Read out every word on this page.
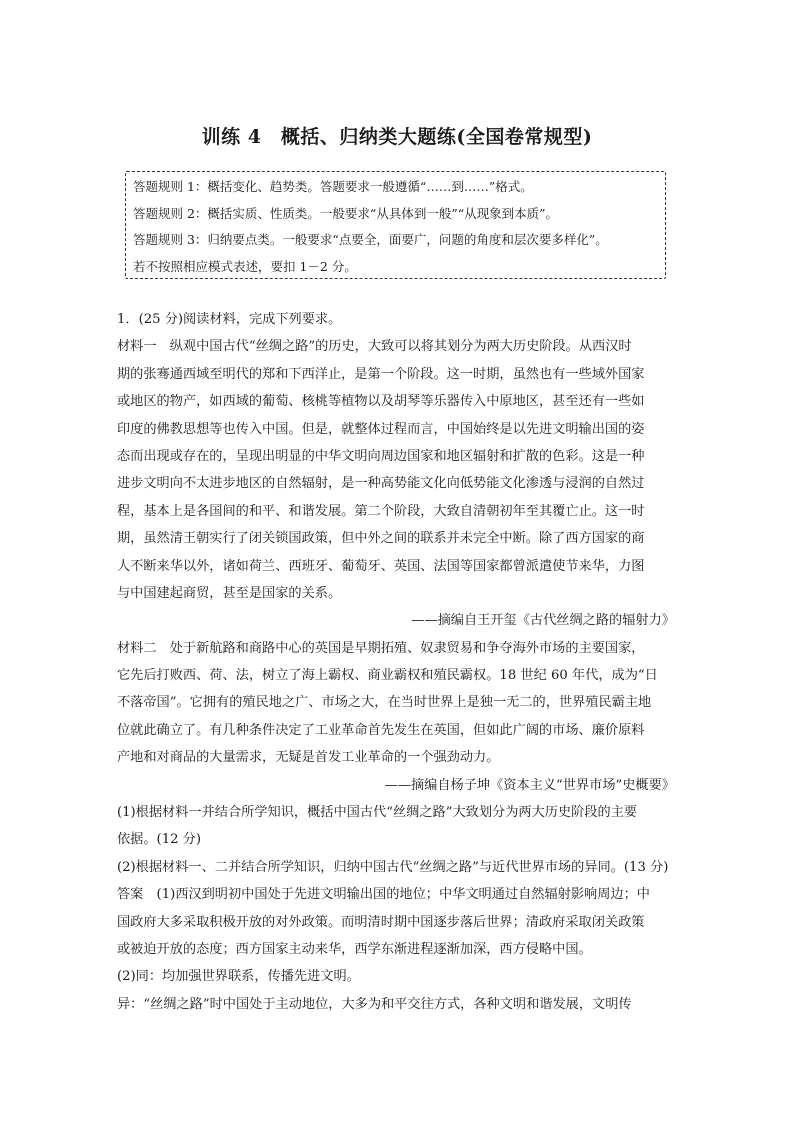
训练 4　概括、归纳类大题练(全国卷常规型)
答题规则 1：概括变化、趋势类。答题要求一般遵循“……到……”格式。
答题规则 2：概括实质、性质类。一般要求“从具体到一般”“从现象到本质”。
答题规则 3：归纳要点类。一般要求“点要全，面要广，问题的角度和层次要多样化”。
若不按照相应模式表述，要扣 1－2 分。
1．(25 分)阅读材料，完成下列要求。
材料一　纵观中国古代“丝绸之路”的历史，大致可以将其划分为两大历史阶段。从西汉时
期的张骞通西域至明代的郑和下西洋止，是第一个阶段。这一时期，虽然也有一些域外国家
或地区的物产，如西域的葡萄、核桃等植物以及胡琴等乐器传入中原地区，甚至还有一些如
印度的佛教思想等也传入中国。但是，就整体过程而言，中国始终是以先进文明输出国的姿
态而出现或存在的，呈现出明显的中华文明向周边国家和地区辐射和扩散的色彩。这是一种
进步文明向不太进步地区的自然辐射，是一种高势能文化向低势能文化渗透与浸润的自然过
程，基本上是各国间的和平、和谐发展。第二个阶段，大致自清朝初年至其覆亡止。这一时
期，虽然清王朝实行了闭关锁国政策，但中外之间的联系并未完全中断。除了西方国家的商
人不断来华以外，诸如荷兰、西班牙、葡萄牙、英国、法国等国家都曾派遣使节来华，力图
与中国建起商贸，甚至是国家的关系。
——摘编自王开玺《古代丝绸之路的辐射力》
材料二　处于新航路和商路中心的英国是早期拓殖、奴隶贸易和争夺海外市场的主要国家，
它先后打败西、荷、法，树立了海上霸权、商业霸权和殖民霸权。18 世纪 60 年代，成为“日
不落帝国”。它拥有的殖民地之广、市场之大，在当时世界上是独一无二的，世界殖民霸主地
位就此确立了。有几种条件决定了工业革命首先发生在英国，但如此广阔的市场、廉价原料
产地和对商品的大量需求，无疑是首发工业革命的一个强劲动力。
——摘编自杨子坤《资本主义“世界市场”史概要》
(1)根据材料一并结合所学知识，概括中国古代“丝绸之路”大致划分为两大历史阶段的主要
依据。(12 分)
(2)根据材料一、二并结合所学知识，归纳中国古代“丝绸之路”与近代世界市场的异同。(13 分)
答案　(1)西汉到明初中国处于先进文明输出国的地位；中华文明通过自然辐射影响周边；中
国政府大多采取积极开放的对外政策。而明清时期中国逐步落后世界；清政府采取闭关政策
或被迫开放的态度；西方国家主动来华，西学东渐进程逐渐加深，西方侵略中国。
(2)同：均加强世界联系，传播先进文明。
异：“丝绸之路”时中国处于主动地位，大多为和平交往方式，各种文明和谐发展，文明传
